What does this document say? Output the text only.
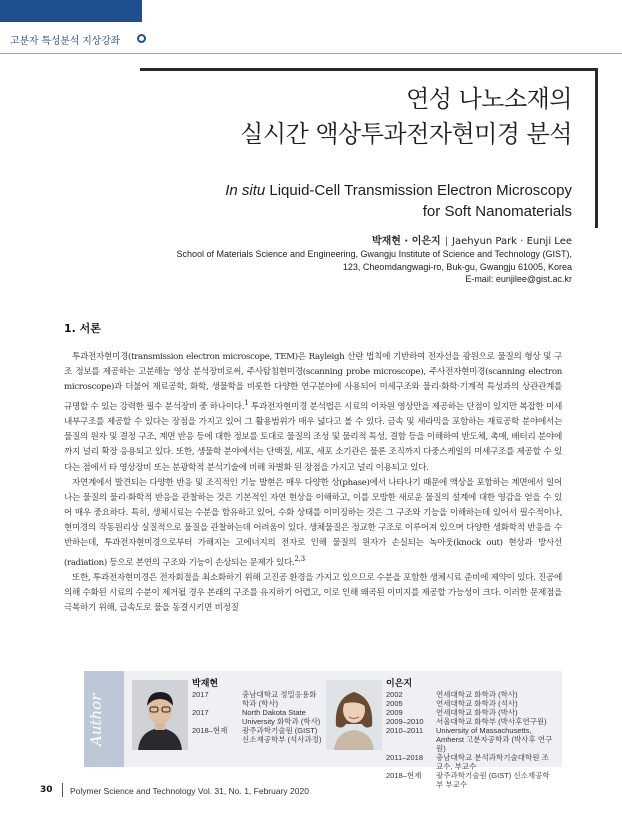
고분자 특성분석 지상강좌
연성 나노소재의
실시간 액상투과전자현미경 분석
In situ Liquid-Cell Transmission Electron Microscopy
for Soft Nanomaterials
박재현 · 이은지 | Jaehyun Park · Eunji Lee
School of Materials Science and Engineering, Gwangju Institute of Science and Technology (GIST),
123, Cheomdangwagi-ro, Buk-gu, Gwangju 61005, Korea
E-mail: eunjilee@gist.ac.kr
1. 서론

투과전자현미경(transmission electron microscope, TEM)은 Rayleigh 산란 법칙에 기반하여 전자선을 광원으로 물질의 형상 및 구조 정보를 제공하는 고분해능 영상 분석장비로써, 주사탐침현미경(scanning probe microscope), 주사전자현미경(scanning electron microscope)과 더불어 재료공학, 화학, 생물학을 비롯한 다양한 연구분야에 사용되어 미세구조와 물리·화학·기계적 특성과의 상관관계를 규명할 수 있는 강력한 필수 분석장비 중 하나이다.$^1$ 투과전자현미경 분석법은 시료의 이차원 영상만을 제공하는 단점이 있지만 복잡한 미세 내부구조를 제공할 수 있다는 장점을 가지고 있어 그 활용범위가 매우 넓다고 볼 수 있다. 금속 및 세라믹을 포함하는 재료공학 분야에서는 물질의 원자 및 결정 구조, 계면 반응 등에 대한 정보를 토대로 물질의 조성 및 물리적 특성, 결함 등을 이해하여 반도체, 촉매, 배터리 분야에 까지 널리 확장 응용되고 있다. 또한, 생물학 분야에서는 단백질, 세포, 세포 소기관은 물론 조직까지 다중스케일의 미세구조를 제공할 수 있다는 점에서 타 영상장비 또는 분광학적 분석기술에 비해 차별화 된 장점을 가지고 널리 이용되고 있다.

자연계에서 발견되는 다양한 반응 및 조직적인 기능 발현은 매우 다양한 상(phase)에서 나타나기 때문에 액상을 포함하는 계면에서 일어나는 물질의 물리·화학적 반응을 관찰하는 것은 기본적인 자연 현상을 이해하고, 이를 모방한 새로운 물질의 설계에 대한 영감을 얻을 수 있어 매우 중요하다. 특히, 생체시료는 수분을 함유하고 있어, 수화 상태를 이미징하는 것은 그 구조와 기능을 이해하는데 있어서 필수적이나, 현미경의 작동원리상 실질적으로 물질을 관찰하는데 어려움이 있다. 생체물질은 정교한 구조로 이루어져 있으며 다양한 생화학적 반응을 수반하는데, 투과전자현미경으로부터 가해지는 고에너지의 전자로 인해 물질의 원자가 손실되는 녹아웃(knock out) 현상과 방사선(radiation) 등으로 본연의 구조와 기능이 손상되는 문제가 있다.$^{2,3}$

또한, 투과전자현미경은 전자회절을 최소화하기 위해 고진공 환경을 가지고 있으므로 수분을 포함한 생체시료 준비에 제약이 있다. 진공에 의해 수화된 시료의 수분이 제거될 경우 본래의 구조를 유지하기 어렵고, 이로 인해 왜곡된 이미지를 제공할 가능성이 크다. 이러한 문제점을 극복하기 위해, 급속도로 물을 동결시키면 비정질

Author
박재현
2017	충남대학교 정밀응용화학과 (학사)
2017	North Dakota State University 화학과 (학사)
2018–현재	광주과학기술원 (GIST) 신소재공학부 (석사과정)
이은지
2002	연세대학교 화학과 (학사)
2005	연세대학교 화학과 (석사)
2009	연세대학교 화학과 (박사)
2009–2010	서울대학교 화학부 (박사후연구원)
2010–2011	University of Massachusetts, Amherst 고분자공학과 (박사후 연구원)
2011–2018	충남대학교 분석과학기술대학원 조교수, 부교수
2018–현재	광주과학기술원 (GIST) 신소재공학부 부교수
30 Polymer Science and Technology Vol. 31, No. 1, February 2020
